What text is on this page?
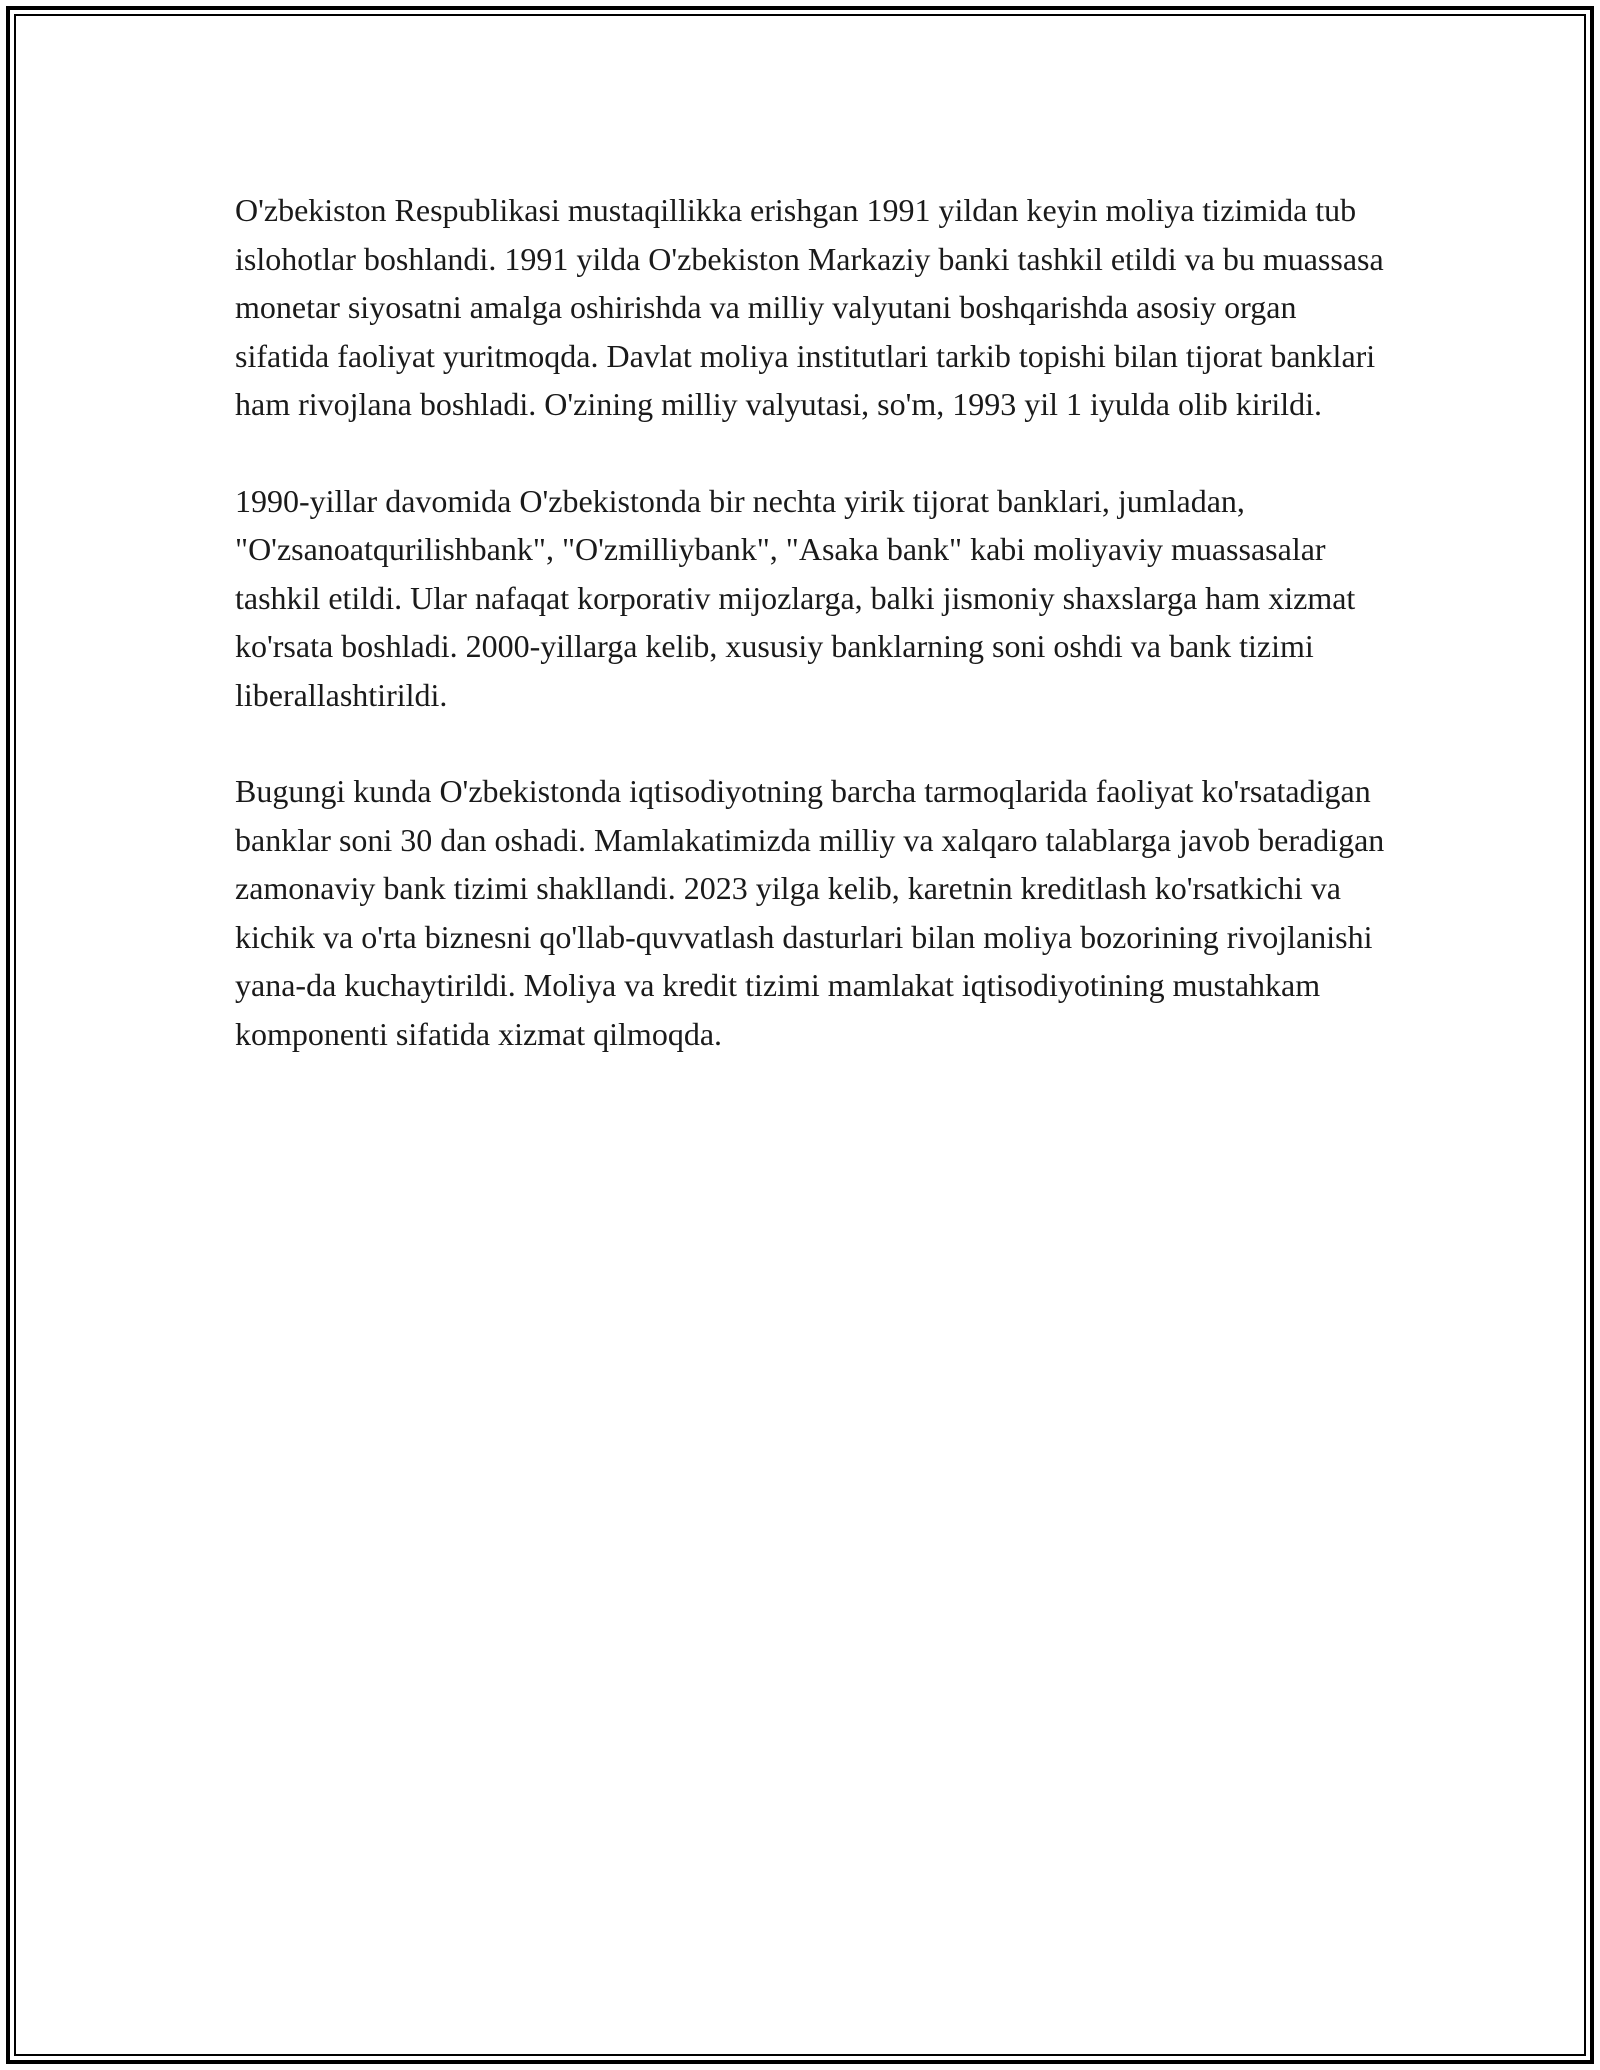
O'zbekiston Respublikasi mustaqillikka erishgan 1991 yildan keyin moliya tizimida tub islohotlar boshlandi. 1991 yilda O'zbekiston Markaziy banki tashkil etildi va bu muassasa monetar siyosatni amalga oshirishda va milliy valyutani boshqarishda asosiy organ sifatida faoliyat yuritmoqda. Davlat moliya institutlari tarkib topishi bilan tijorat banklari ham rivojlana boshladi. O'zining milliy valyutasi, so'm, 1993 yil 1 iyulda olib kirildi.

1990-yillar davomida O'zbekistonda bir nechta yirik tijorat banklari, jumladan, "O'zsanoatqurilishbank", "O'zmilliybank", "Asaka bank" kabi moliyaviy muassasalar tashkil etildi. Ular nafaqat korporativ mijozlarga, balki jismoniy shaxslarga ham xizmat ko'rsata boshladi. 2000-yillarga kelib, xususiy banklarning soni oshdi va bank tizimi liberallashtirildi.

Bugungi kunda O'zbekistonda iqtisodiyotning barcha tarmoqlarida faoliyat ko'rsatadigan banklar soni 30 dan oshadi. Mamlakatimizda milliy va xalqaro talablarga javob beradigan zamonaviy bank tizimi shakllandi. 2023 yilga kelib, karetnin kreditlash ko'rsatkichi va kichik va o'rta biznesni qo'llab-quvvatlash dasturlari bilan moliya bozorining rivojlanishi yana-da kuchaytirildi. Moliya va kredit tizimi mamlakat iqtisodiyotining mustahkam komponenti sifatida xizmat qilmoqda.
